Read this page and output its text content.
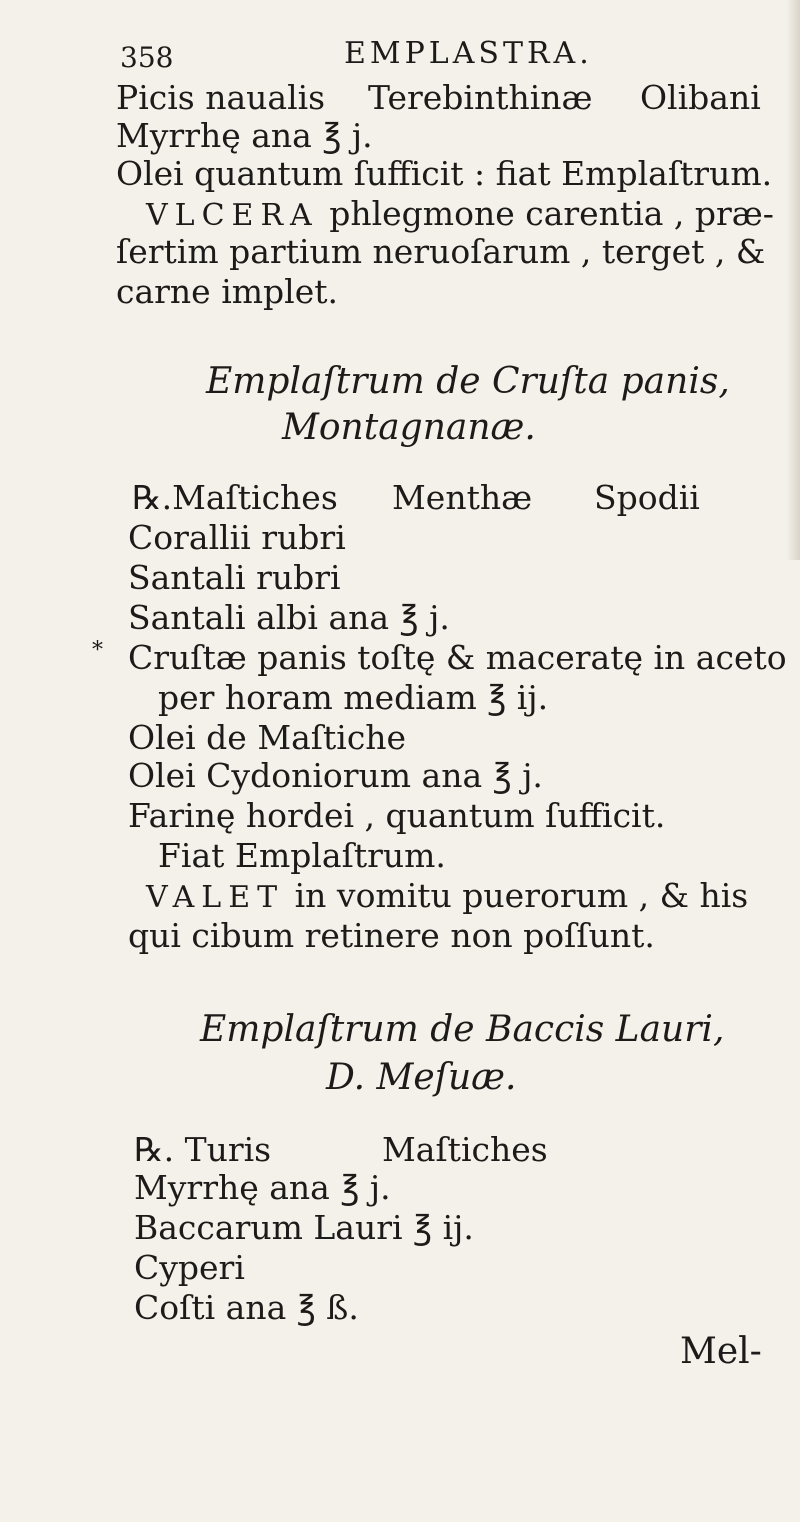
358	EMPLASTRA.
Picis naualis Terebinthinæ Olibani
Myrrhę ana ℥ j.
Olei quantum ſufficit : fiat Emplaſtrum.
VLCERA phlegmone carentia , præ-
ſertim partium neruoſarum , terget , &
carne implet.
Emplaſtrum de Cruſta panis,
Montagnanæ.
℞.Maſtiches Menthæ Spodii
Corallii rubri
Santali rubri
Santali albi ana ℥ j.
* Cruſtæ panis toſtę & maceratę in aceto
per horam mediam ℥ ij.
Olei de Maſtiche
Olei Cydoniorum ana ℥ j.
Farinę hordei , quantum ſufficit.
Fiat Emplaſtrum.
VALET in vomitu puerorum , & his
qui cibum retinere non poſſunt.
Emplaſtrum de Baccis Lauri,
D. Meſuæ.
℞. Turis	Maſtiches
Myrrhę ana ℥ j.
Baccarum Lauri ℥ ij.
Cyperi
Coſti ana ℥ ß.
Mel-
